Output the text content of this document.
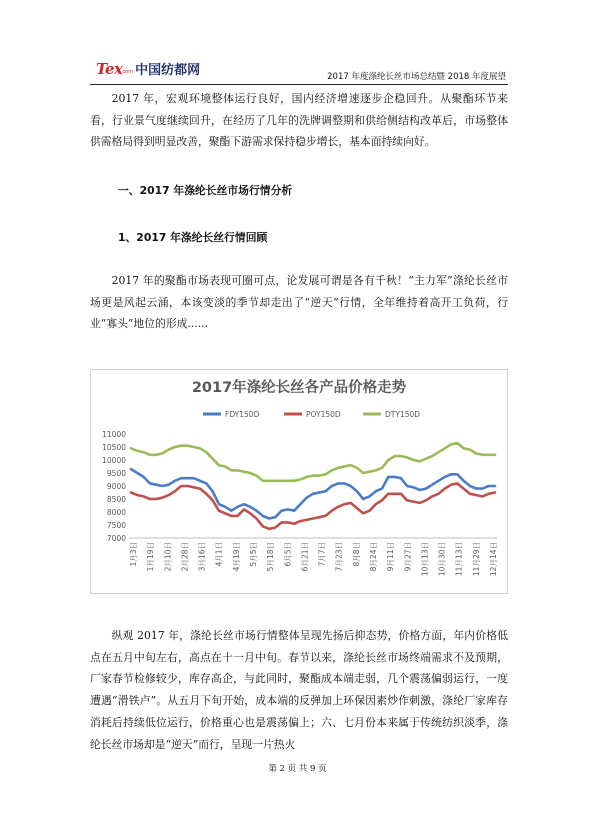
Tex com 中国纺都网	2017 年度涤纶长丝市场总结暨 2018 年度展望
2017 年，宏观环境整体运行良好，国内经济增速逐步企稳回升。从聚酯环节来看，行业景气度继续回升，在经历了几年的洗牌调整期和供给侧结构改革后，市场整体供需格局得到明显改善，聚酯下游需求保持稳步增长，基本面持续向好。
一、2017 年涤纶长丝市场行情分析
1、2017 年涤纶长丝行情回顾
2017 年的聚酯市场表现可圈可点，论发展可谓是各有千秋！“主力军”涤纶长丝市场更是风起云涌，本该变淡的季节却走出了“逆天”行情，全年维持着高开工负荷，行业“寡头”地位的形成......
2017年涤纶长丝各产品价格走势
FDY150D	POY150D	DTY150D
7000
7500
8000
8500
9000
9500
10000
10500
11000
1月3日 1月19日 2月10日 2月28日 3月16日 4月1日 4月19日 5月5日 5月18日 6月5日 6月21日 7月7日 7月23日 8月8日 8月24日 9月11日 9月27日 10月13日 10月30日 11月13日 11月29日 12月14日
纵观 2017 年，涤纶长丝市场行情整体呈现先扬后抑态势，价格方面，年内价格低点在五月中旬左右，高点在十一月中旬。春节以来，涤纶长丝市场终端需求不及预期，厂家春节检修较少，库存高企，与此同时，聚酯成本端走弱，几个震荡偏弱运行，一度遭遇“滑铁卢”。从五月下旬开始，成本端的反弹加上环保因素炒作刺激，涤纶厂家库存消耗后持续低位运行，价格重心也是震荡偏上；六、七月份本来属于传统纺织淡季，涤纶长丝市场却是“逆天”而行，呈现一片热火
第 2 页 共 9 页
